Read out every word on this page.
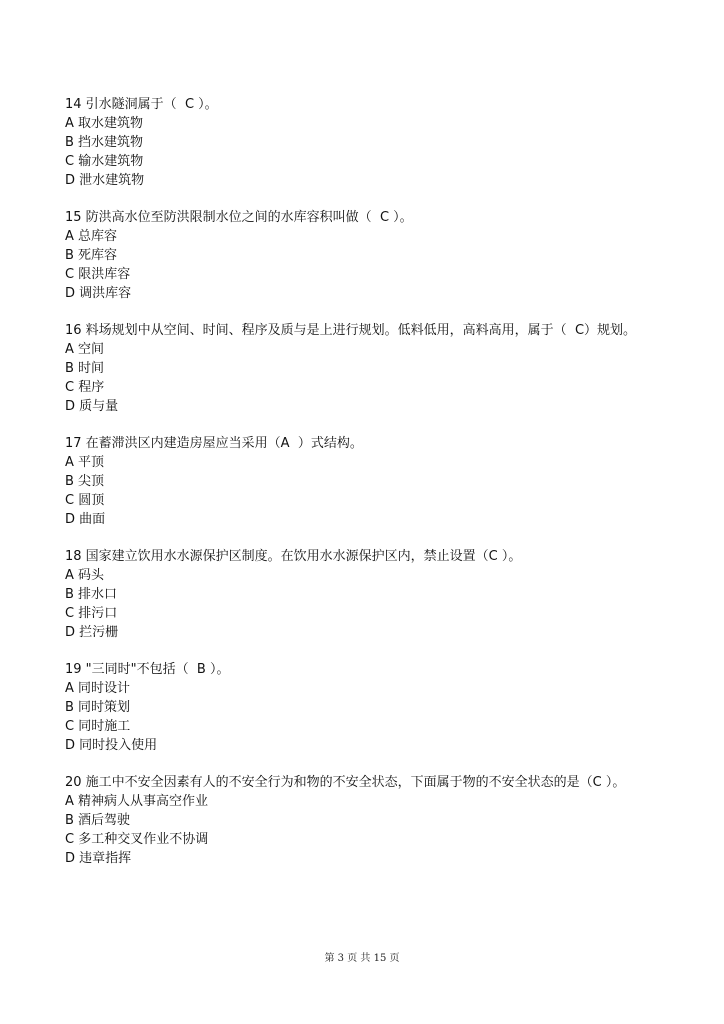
14 引水隧洞属于（  C ）。
A 取水建筑物
B 挡水建筑物
C 输水建筑物
D 泄水建筑物
15 防洪高水位至防洪限制水位之间的水库容积叫做（  C ）。
A 总库容
B 死库容
C 限洪库容
D 调洪库容
16 料场规划中从空间、时间、程序及质与是上进行规划。低料低用，高料高用，属于（  C）规划。
A 空间
B 时间
C 程序
D 质与量
17 在蓄滞洪区内建造房屋应当采用（A  ）式结构。
A 平顶
B 尖顶
C 圆顶
D 曲面
18 国家建立饮用水水源保护区制度。在饮用水水源保护区内，禁止设置（C ）。
A 码头
B 排水口
C 排污口
D 拦污栅
19 "三同时"不包括（  B ）。
A 同时设计
B 同时策划
C 同时施工
D 同时投入使用
20 施工中不安全因素有人的不安全行为和物的不安全状态，下面属于物的不安全状态的是（C ）。
A 精神病人从事高空作业
B 酒后驾驶
C 多工种交叉作业不协调
D 违章指挥
第 3 页 共 15 页
